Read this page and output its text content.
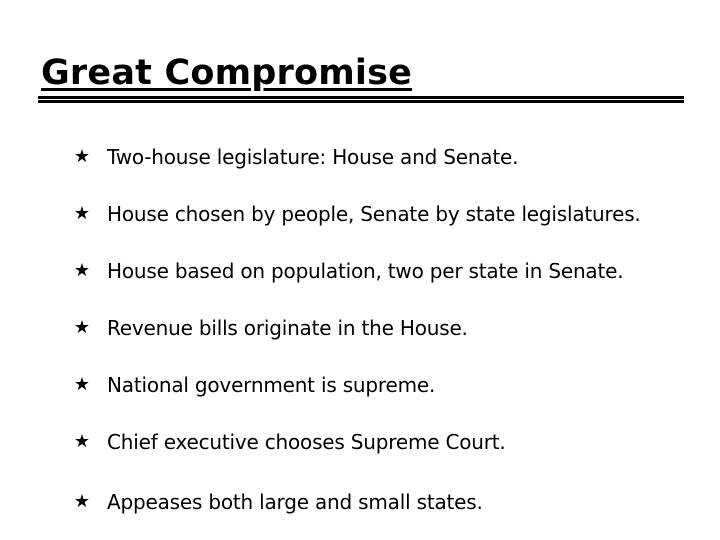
Great Compromise
★ Two-house legislature: House and Senate.
★ House chosen by people, Senate by state legislatures.
★ House based on population, two per state in Senate.
★ Revenue bills originate in the House.
★ National government is supreme.
★ Chief executive chooses Supreme Court.
★ Appeases both large and small states.
